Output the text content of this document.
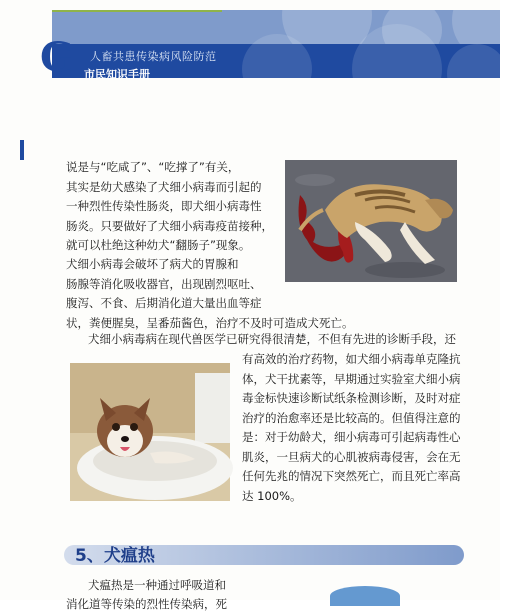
G 人畜共患传染病风险防范
市民知识手册
说是与“吃咸了”、“吃撑了”有关，
其实是幼犬感染了犬细小病毒而引起的
一种烈性传染性肠炎，即犬细小病毒性
肠炎。只要做好了犬细小病毒疫苗接种，
就可以杜绝这种幼犬“翻肠子”现象。
犬细小病毒会破坏了病犬的胃腺和
肠腺等消化吸收器官，出现剧烈呕吐、
腹泻、不食、后期消化道大量出血等症
状，粪便腥臭，呈番茄酱色，治疗不及时可造成犬死亡。
犬细小病毒病在现代兽医学已研究得很清楚，不但有先进的诊断手段，还
有高效的治疗药物，如犬细小病毒单克隆抗
体，犬干扰素等，早期通过实验室犬细小病
毒金标快速诊断试纸条检测诊断，及时对症
治疗的治愈率还是比较高的。但值得注意的
是：对于幼龄犬，细小病毒可引起病毒性心
肌炎，一旦病犬的心肌被病毒侵害，会在无
任何先兆的情况下突然死亡，而且死亡率高
达 100%。
5、犬瘟热
犬瘟热是一种通过呼吸道和
消化道等传染的烈性传染病，死
